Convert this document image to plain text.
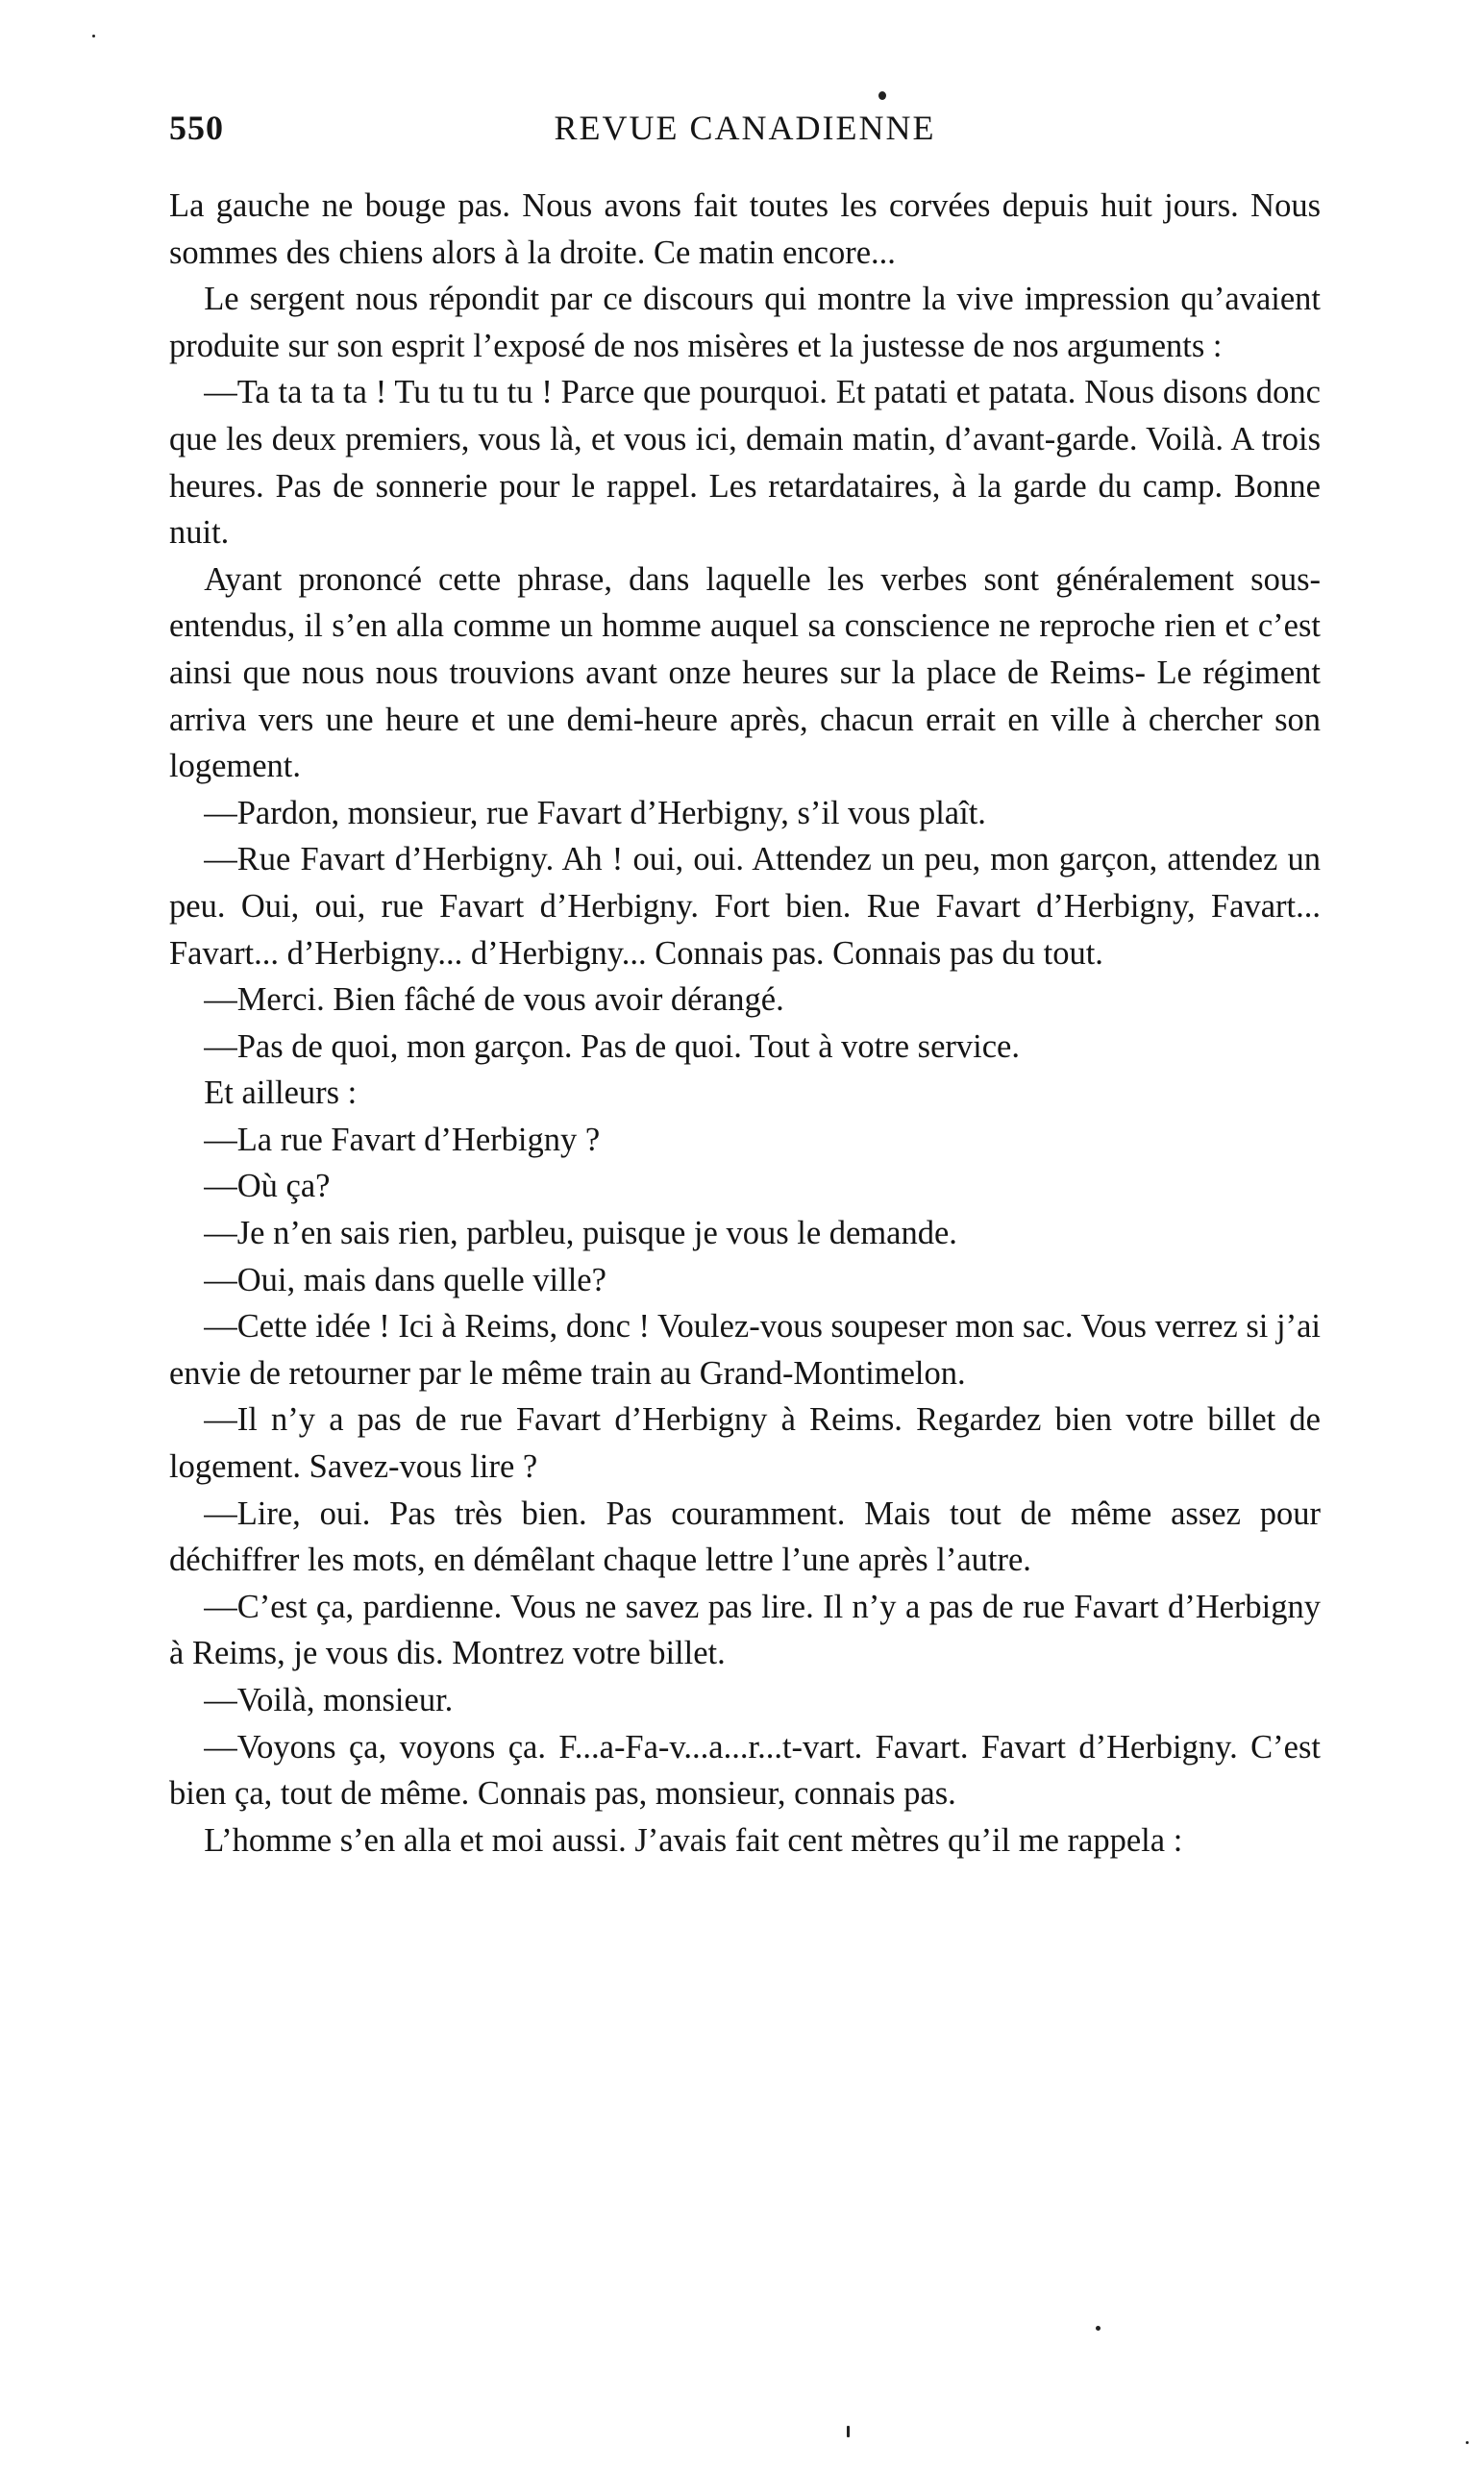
550	REVUE CANADIENNE

La gauche ne bouge pas. Nous avons fait toutes les corvées depuis huit jours. Nous sommes des chiens alors à la droite. Ce matin encore...

Le sergent nous répondit par ce discours qui montre la vive impression qu’avaient produite sur son esprit l’exposé de nos misères et la justesse de nos arguments :

—Ta ta ta ta ! Tu tu tu tu ! Parce que pourquoi. Et patati et patata. Nous disons donc que les deux premiers, vous là, et vous ici, demain matin, d’avant-garde. Voilà. A trois heures. Pas de sonnerie pour le rappel. Les retardataires, à la garde du camp. Bonne nuit.

Ayant prononcé cette phrase, dans laquelle les verbes sont généralement sous-entendus, il s’en alla comme un homme auquel sa conscience ne reproche rien et c’est ainsi que nous nous trouvions avant onze heures sur la place de Reims- Le régiment arriva vers une heure et une demi-heure après, chacun errait en ville à chercher son logement.

—Pardon, monsieur, rue Favart d’Herbigny, s’il vous plaît.

—Rue Favart d’Herbigny. Ah ! oui, oui. Attendez un peu, mon garçon, attendez un peu. Oui, oui, rue Favart d’Herbigny. Fort bien. Rue Favart d’Herbigny, Favart... Favart... d’Herbigny... d’Herbigny... Connais pas. Connais pas du tout.

—Merci. Bien fâché de vous avoir dérangé.

—Pas de quoi, mon garçon. Pas de quoi. Tout à votre service.

Et ailleurs :

—La rue Favart d’Herbigny ?

—Où ça?

—Je n’en sais rien, parbleu, puisque je vous le demande.

—Oui, mais dans quelle ville?

—Cette idée ! Ici à Reims, donc ! Voulez-vous soupeser mon sac. Vous verrez si j’ai envie de retourner par le même train au Grand-Montimelon.

—Il n’y a pas de rue Favart d’Herbigny à Reims. Regardez bien votre billet de logement. Savez-vous lire ?

—Lire, oui. Pas très bien. Pas couramment. Mais tout de même assez pour déchiffrer les mots, en démêlant chaque lettre l’une après l’autre.

—C’est ça, pardienne. Vous ne savez pas lire. Il n’y a pas de rue Favart d’Herbigny à Reims, je vous dis. Montrez votre billet.

—Voilà, monsieur.

—Voyons ça, voyons ça. F...a-Fa-v...a...r...t-vart. Favart. Favart d’Herbigny. C’est bien ça, tout de même. Connais pas, monsieur, connais pas.

L’homme s’en alla et moi aussi. J’avais fait cent mètres qu’il me rappela :
